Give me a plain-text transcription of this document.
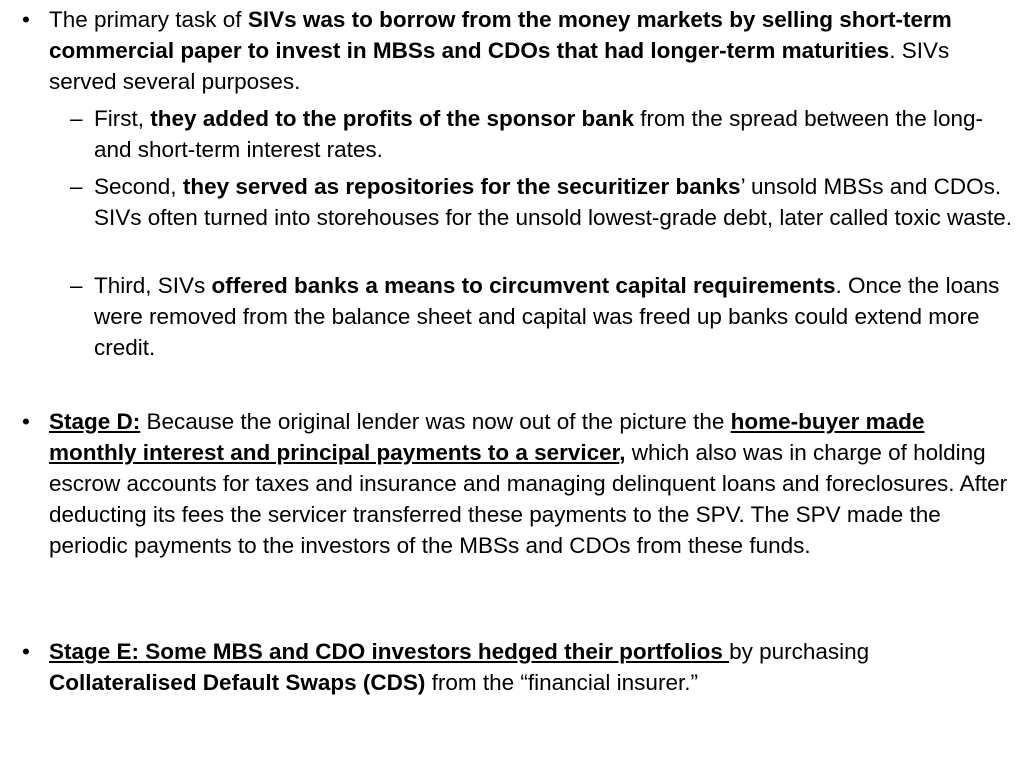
• The primary task of SIVs was to borrow from the money markets by selling short-term commercial paper to invest in MBSs and CDOs that had longer-term maturities. SIVs served several purposes.
– First, they added to the profits of the sponsor bank from the spread between the long- and short-term interest rates.
– Second, they served as repositories for the securitizer banks’ unsold MBSs and CDOs. SIVs often turned into storehouses for the unsold lowest-grade debt, later called toxic waste.
– Third, SIVs offered banks a means to circumvent capital requirements. Once the loans were removed from the balance sheet and capital was freed up banks could extend more credit.
• Stage D: Because the original lender was now out of the picture the home-buyer made monthly interest and principal payments to a servicer, which also was in charge of holding escrow accounts for taxes and insurance and managing delinquent loans and foreclosures. After deducting its fees the servicer transferred these payments to the SPV. The SPV made the periodic payments to the investors of the MBSs and CDOs from these funds.
• Stage E: Some MBS and CDO investors hedged their portfolios by purchasing Collateralised Default Swaps (CDS) from the “financial insurer.”
